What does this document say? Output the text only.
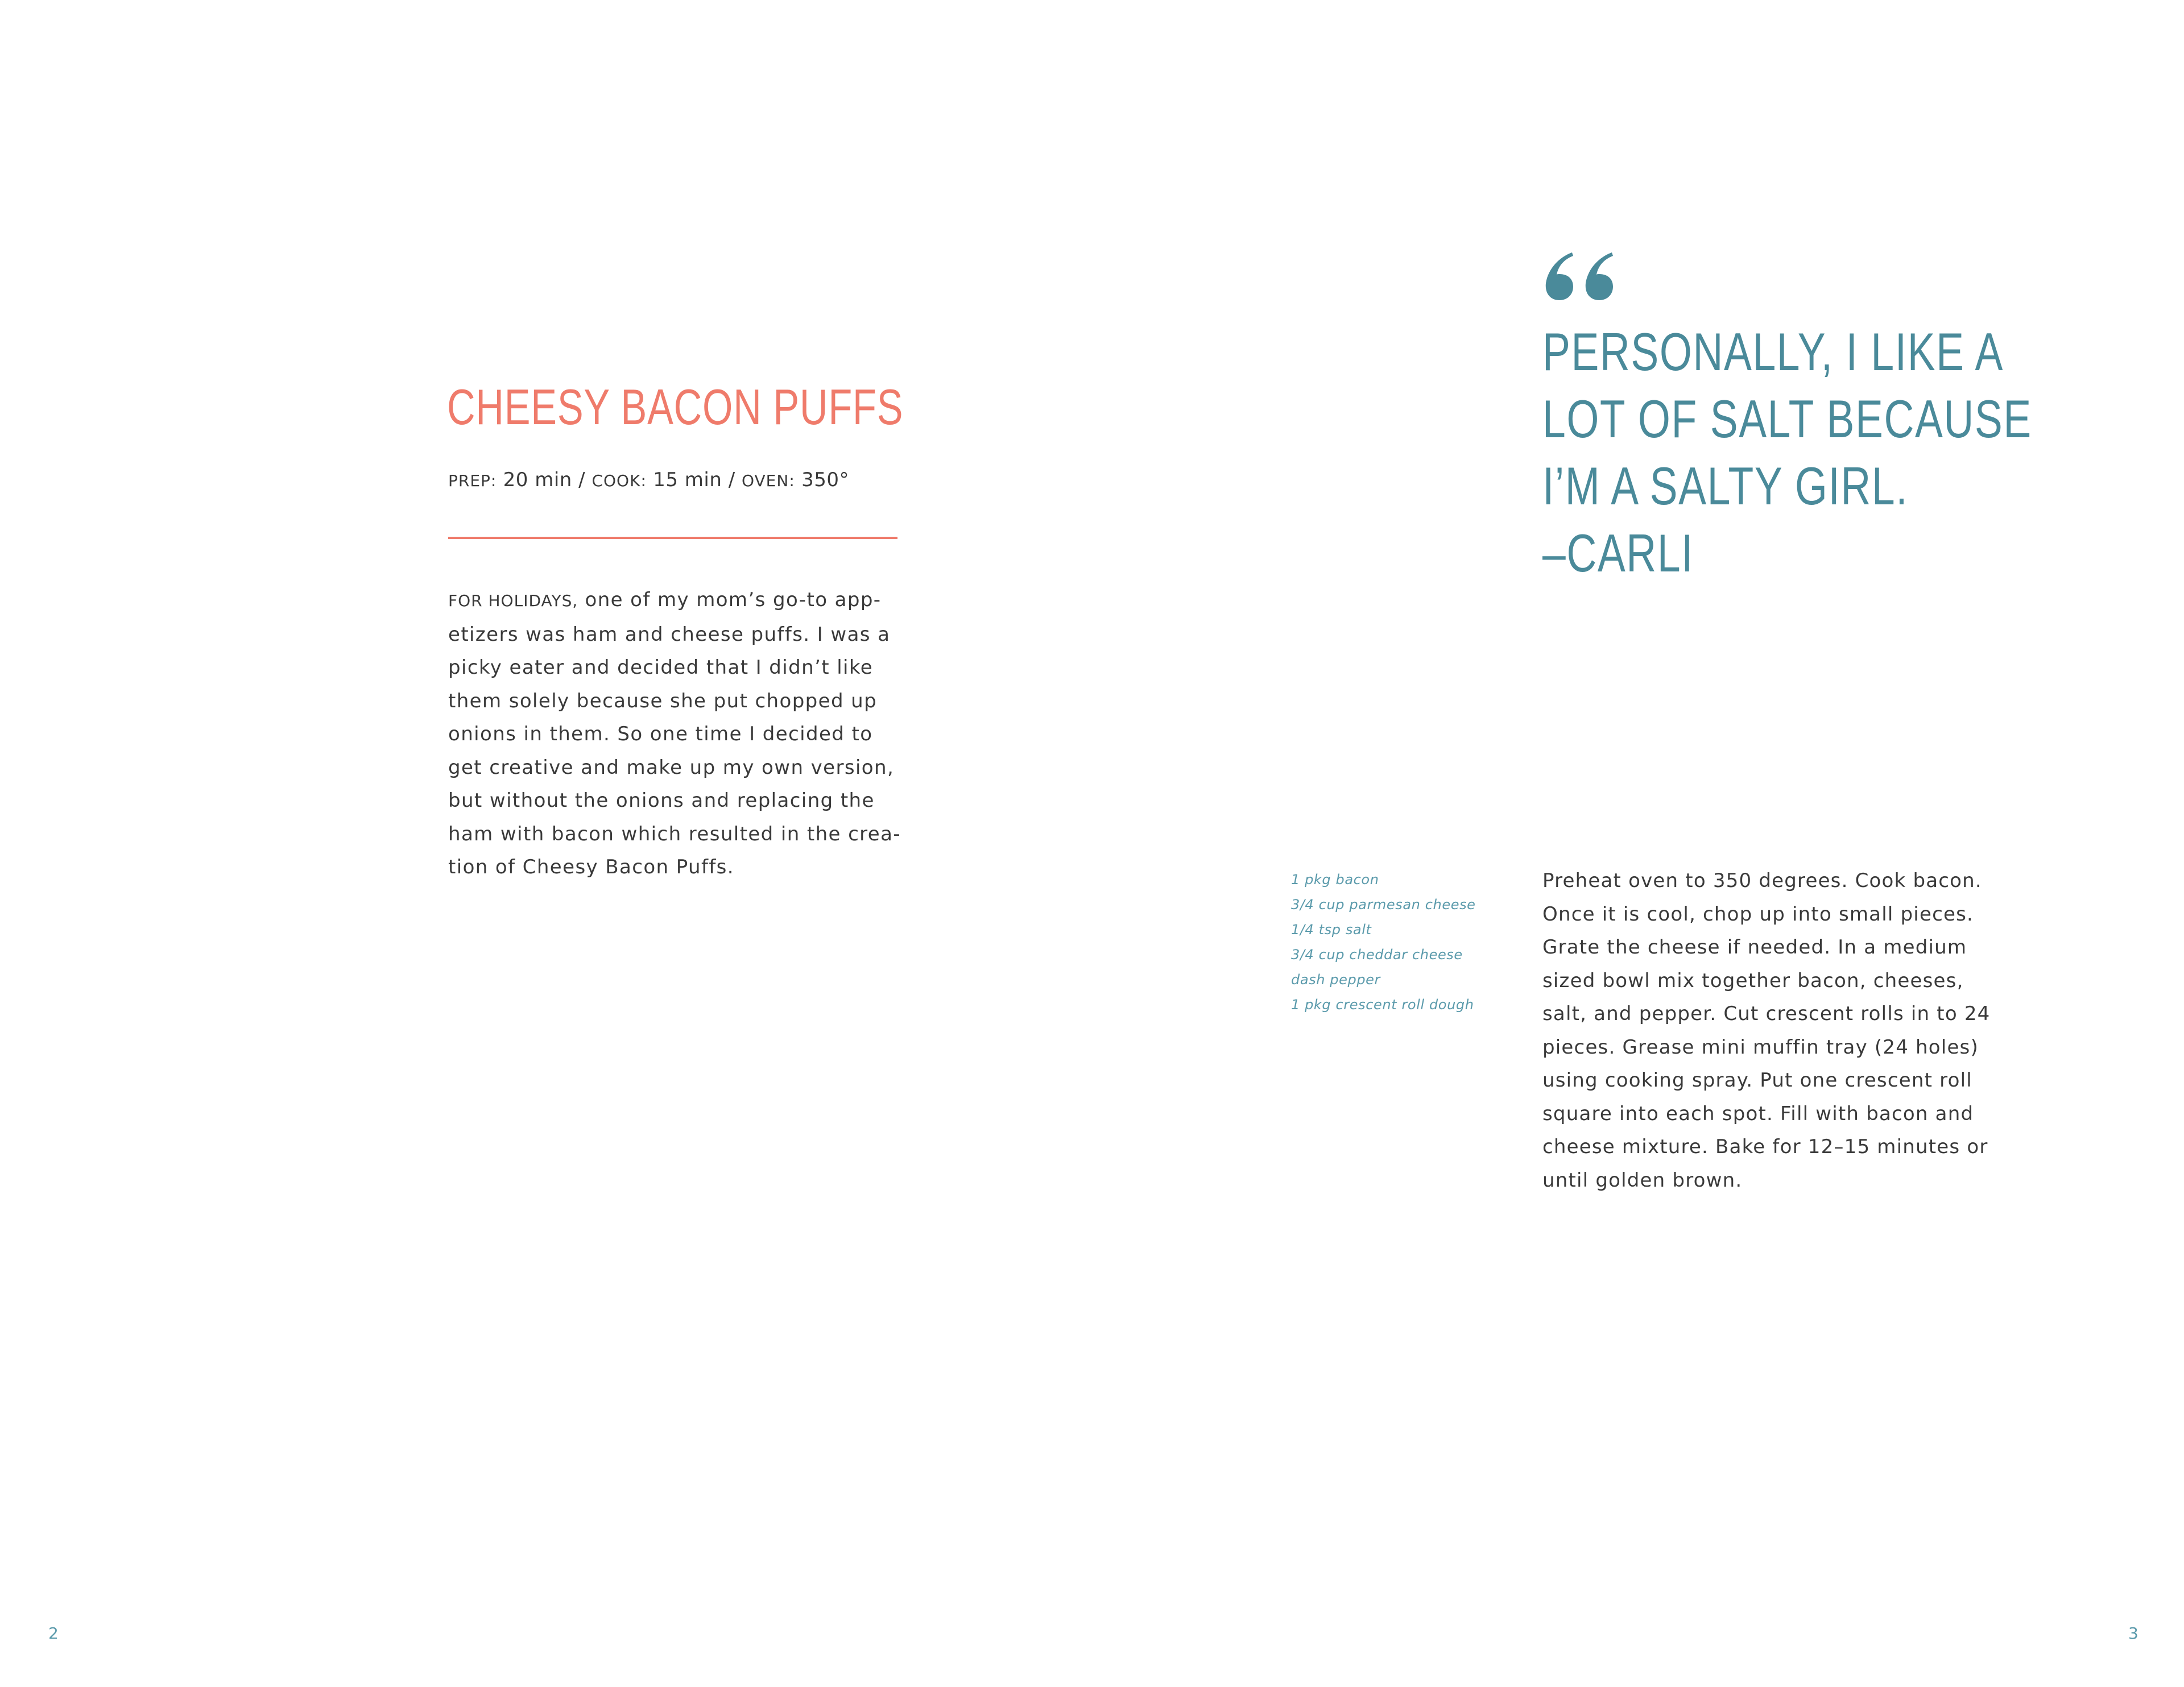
CHEESY BACON PUFFS
PREP: 20 min / COOK: 15 min / OVEN: 350°

FOR HOLIDAYS, one of my mom’s go-to app-
etizers was ham and cheese puffs. I was a
picky eater and decided that I didn’t like
them solely because she put chopped up
onions in them. So one time I decided to
get creative and make up my own version,
but without the onions and replacing the
ham with bacon which resulted in the crea-
tion of Cheesy Bacon Puffs.

2
PERSONALLY, I LIKE A
LOT OF SALT BECAUSE
I’M A SALTY GIRL.
–CARLI
1 pkg bacon
3/4 cup parmesan cheese
1/4 tsp salt
3/4 cup cheddar cheese
dash pepper
1 pkg crescent roll dough

Preheat oven to 350 degrees. Cook bacon.
Once it is cool, chop up into small pieces.
Grate the cheese if needed. In a medium
sized bowl mix together bacon, cheeses,
salt, and pepper. Cut crescent rolls in to 24
pieces. Grease mini muffin tray (24 holes)
using cooking spray. Put one crescent roll
square into each spot. Fill with bacon and
cheese mixture. Bake for 12–15 minutes or
until golden brown.

3
